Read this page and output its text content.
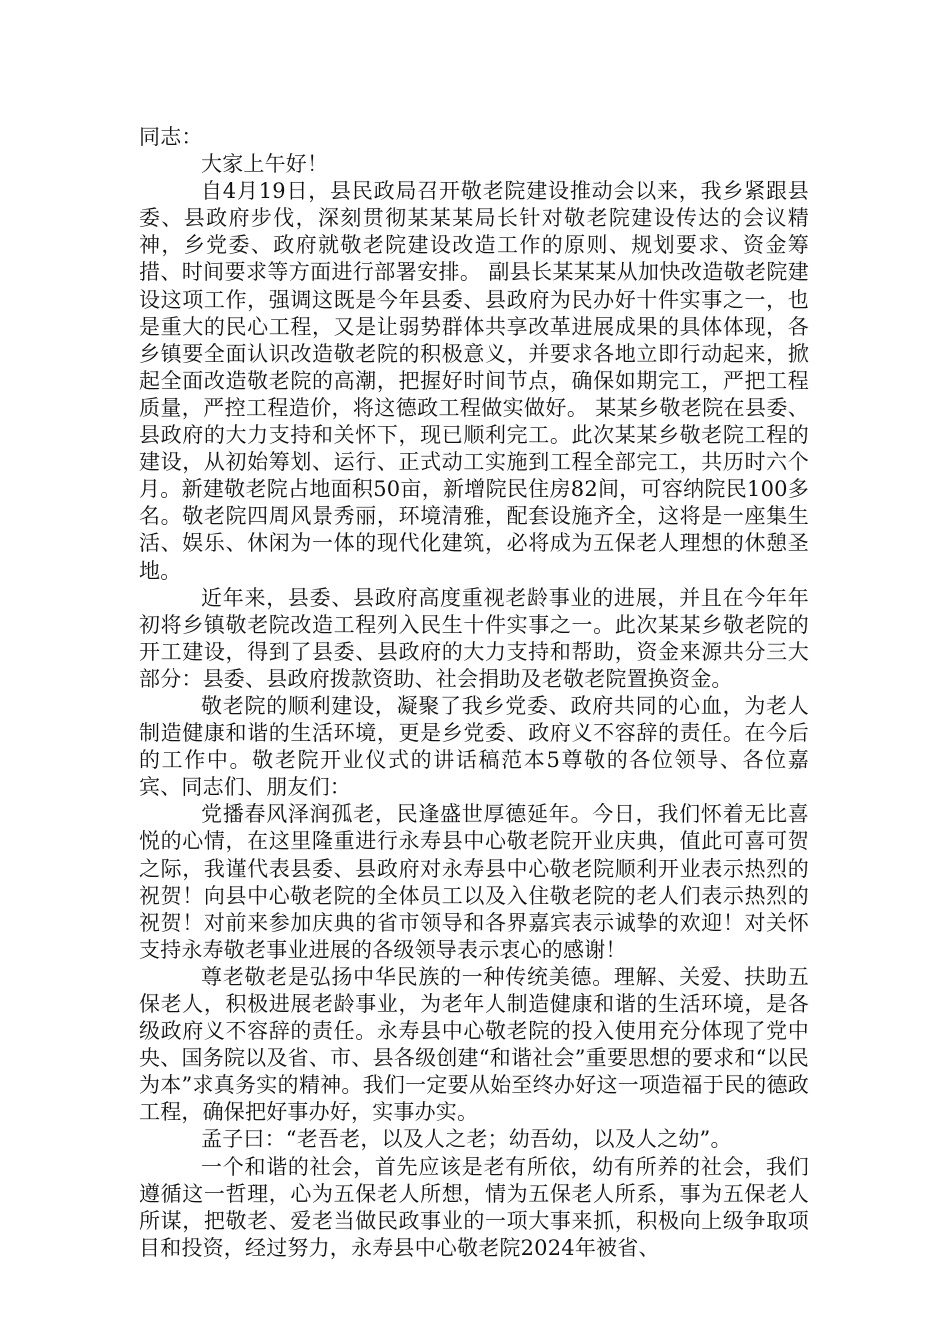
同志：

大家上午好！

自4月19日，县民政局召开敬老院建设推动会以来，我乡紧跟县委、县政府步伐，深刻贯彻某某某局长针对敬老院建设传达的会议精神，乡党委、政府就敬老院建设改造工作的原则、规划要求、资金筹措、时间要求等方面进行部署安排。 副县长某某某从加快改造敬老院建设这项工作，强调这既是今年县委、县政府为民办好十件实事之一，也是重大的民心工程，又是让弱势群体共享改革进展成果的具体体现，各乡镇要全面认识改造敬老院的积极意义，并要求各地立即行动起来，掀起全面改造敬老院的高潮，把握好时间节点，确保如期完工，严把工程质量，严控工程造价，将这德政工程做实做好。 某某乡敬老院在县委、县政府的大力支持和关怀下，现已顺利完工。此次某某乡敬老院工程的建设，从初始筹划、运行、正式动工实施到工程全部完工，共历时六个月。新建敬老院占地面积50亩，新增院民住房82间，可容纳院民100多名。敬老院四周风景秀丽，环境清雅，配套设施齐全，这将是一座集生活、娱乐、休闲为一体的现代化建筑，必将成为五保老人理想的休憩圣地。

近年来，县委、县政府高度重视老龄事业的进展，并且在今年年初将乡镇敬老院改造工程列入民生十件实事之一。此次某某乡敬老院的开工建设，得到了县委、县政府的大力支持和帮助，资金来源共分三大部分：县委、县政府拨款资助、社会捐助及老敬老院置换资金。

敬老院的顺利建设，凝聚了我乡党委、政府共同的心血，为老人制造健康和谐的生活环境，更是乡党委、政府义不容辞的责任。在今后的工作中。敬老院开业仪式的讲话稿范本5尊敬的各位领导、各位嘉宾、同志们、朋友们：

党播春风泽润孤老，民逢盛世厚德延年。今日，我们怀着无比喜悦的心情，在这里隆重进行永寿县中心敬老院开业庆典，值此可喜可贺之际，我谨代表县委、县政府对永寿县中心敬老院顺利开业表示热烈的祝贺！向县中心敬老院的全体员工以及入住敬老院的老人们表示热烈的祝贺！对前来参加庆典的省市领导和各界嘉宾表示诚挚的欢迎！对关怀支持永寿敬老事业进展的各级领导表示衷心的感谢！

尊老敬老是弘扬中华民族的一种传统美德。理解、关爱、扶助五保老人，积极进展老龄事业，为老年人制造健康和谐的生活环境，是各级政府义不容辞的责任。永寿县中心敬老院的投入使用充分体现了党中央、国务院以及省、市、县各级创建“和谐社会”重要思想的要求和“以民为本”求真务实的精神。我们一定要从始至终办好这一项造福于民的德政工程，确保把好事办好，实事办实。

孟子曰：“老吾老，以及人之老；幼吾幼，以及人之幼”。

一个和谐的社会，首先应该是老有所依，幼有所养的社会，我们遵循这一哲理，心为五保老人所想，情为五保老人所系，事为五保老人所谋，把敬老、爱老当做民政事业的一项大事来抓，积极向上级争取项目和投资，经过努力，永寿县中心敬老院2024年被省、
